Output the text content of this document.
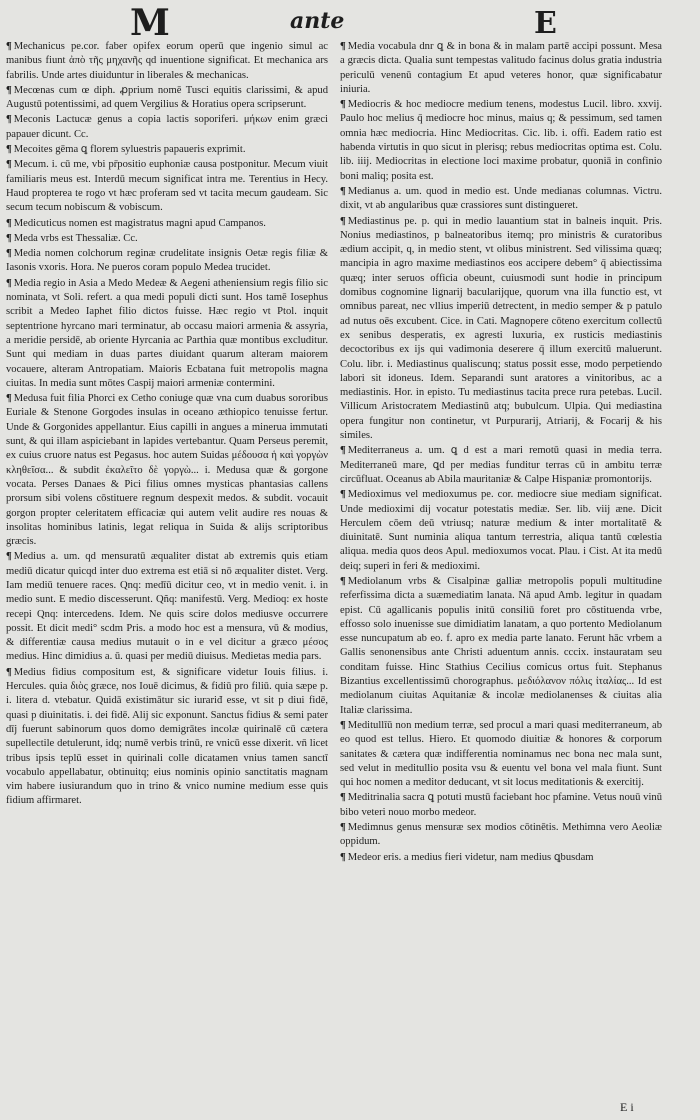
M	ante	E
¶ Mechanicus pe.cor. faber opifex eorum operū que ingenio simul ac manibus fiunt ἀπὸ τῆς μηχανῆς qd inuentione significat. Et mechanica ars fabrilis. Unde artes diuiduntur in liberales & mechanicas.
¶ Mecœnas cum œ diph. ꝓprium nomē Tusci equitis clarissimi, & apud Augustū potentissimi, ad quem Vergilius & Horatius opera scripserunt.
¶ Meconis Lactucæ genus a copia lactis soporiferi. μήκων enim græci papauer dicunt. Cc.
¶ Mecoites gēma ꝗ florem syluestris papaueris exprimit.
¶ Mecum. i. cū me, vbi pr̄positio euphoniæ causa postponitur. Mecum viuit familiaris meus est. Interdū mecum significat intra me. Terentius in Hecy. Haud propterea te rogo vt hæc proferam sed vt tacita mecum gaudeam. Sic secum tecum nobiscum & vobiscum.
¶ Medicuticus nomen est magistratus magni apud Campanos.
¶ Meda vrbs est Thessaliæ. Cc.
¶ Media nomen colchorum reginæ crudelitate insignis Oetæ regis filiæ & Iasonis vxoris. Hora. Ne pueros coram populo Medea trucidet.
¶ Media regio in Asia a Medo Medeæ & Aegeni atheniensium regis filio sic nominata, vt Soli. refert. a qua medi populi dicti sunt. Hos tamē Iosephus scribit a Medeo Iaphet filio dictos fuisse. Hæc regio vt Ptol. inquit septentrione hyrcano mari terminatur, ab occasu maiori armenia & assyria, a meridie persidē, ab oriente Hyrcania ac Parthia quæ montibus excluditur. Sunt qui mediam in duas partes diuidant quarum alteram maiorem vocauere, alteram Antropatiam. Maioris Ecbatana fuit metropolis magna ciuitas. In media sunt mōtes Caspij maiori armeniæ contermini.
¶ Medusa fuit filia Phorci ex Cetho coniuge quæ vna cum duabus sororibus Euriale & Stenone Gorgodes insulas in oceano æthiopico tenuisse fertur. Unde & Gorgonides appellantur. Eius capilli in angues a minerua immutati sunt, & qui illam aspiciebant in lapides vertebantur. Quam Perseus peremit, ex cuius cruore natus est Pegasus. hoc autem Suidas μέδουσα ἡ καὶ γοργὼν κληθεῖσα... & subdit ἐκαλεῖτο δὲ γοργὼ... i. Medusa quæ & gorgone vocata. Perses Danaes & Pici filius omnes mysticas phantasias callens prorsum sibi volens cōstituere regnum despexit medos. & subdit. vocauit gorgon propter celeritatem efficaciæ qui autem velit audire res nouas & insolitas hominibus latinis, legat reliqua in Suida & alijs scriptoribus græcis.
¶ Medius a. um. qd mensuratū æqualiter distat ab extremis quis etiam mediū dicatur quicqd inter duo extrema est etiā si nō æqualiter distet. Verg. Iam mediū tenuere races. Qnq: medīū dicitur ceo, vt in medio venit. i. in medio sunt. E medio discesserunt. Qñq: manifestū. Verg. Medioq: ex hoste recepi Qnq: intercedens. Idem. Ne quis scire dolos mediusve occurrere possit. Et dicit medi° scdm Pris. a modo hoc est a mensura, vū & modius, & differentiæ causa medius mutauit o in e vel dicitur a græco μέσος medius. Hinc dimidius a. ū. quasi per mediū diuisus. Medietas media pars.
¶ Medius fidius compositum est, & significare videtur Iouis filius. i. Hercules. quia διὸς græce, nos Iouē dicimus, & fidiū pro filiū. quia sæpe p. i. litera d. vtebatur. Quidā existimātur sic iurariđ esse, vt sit p diui fidē, quasi p diuinitatis. i. dei fidē. Alij sic exponunt. Sanctus fidius & semi pater dīj fuerunt sabinorum quos domo demigrātes incolæ quirinalē cū cætera supellectile detulerunt, idq; numē verbis trinū, re vnicū esse dixerit. vn̄ licet tribus ipsis teplū esset in quirinali colle dicatamen vnius tamen sanctī vocabulo appellabatur, obtinuitq; eius nominis opinio sanctitatis magnam vim habere iusiurandum quo in trino & vnico numine medium esse quis fidium affirmaret.
¶ Media vocabula dnr ꝗ & in bona & in malam partē accipi possunt. Mesa a græcis dicta. Qualia sunt tempestas valitudo facinus dolus gratia industria periculū venenū contagium Et apud veteres honor, quæ significabatur iniuria.
¶ Mediocris & hoc mediocre medium tenens, modestus Lucil. libro. xxvij. Paulo hoc melius q̄ mediocre hoc minus, maius q; & pessimum, sed tamen omnia hæc mediocria. Hinc Mediocritas. Cic. lib. i. offi. Eadem ratio est habenda virtutis in quo sicut in plerisq; rebus mediocritas optima est. Colu. lib. iiij. Mediocritas in electione loci maxime probatur, quoniā in confinio boni maliq; posita est.
¶ Medianus a. um. quod in medio est. Unde medianas columnas. Victru. dixit, vt ab angularibus quæ crassiores sunt distingueret.
¶ Mediastinus pe. p. qui in medio lauantium stat in balneis inquit. Pris. Nonius mediastinos, p balneatoribus itemq; pro ministris & curatoribus ædium accipit, q, in medio stent, vt olibus ministrent. Sed vilissima quæq; mancipia in agro maxime mediastinos eos accipere debem° q̄ abiectissima quæq; inter seruos officia obeunt, cuiusmodi sunt hodie in principum domibus cognomine lignarij bacularijque, quorum vna illa functio est, vt omnibus pareat, nec vllius imperiū detrectent, in medio semper & p patulo ad nutus oēs excubent. Cice. in Cati. Magnopere cōteno exercitum collectū ex senibus desperatis, ex agresti luxuria, ex rusticis mediastinis decoctoribus ex ijs qui vadimonia deserere q̄ illum exercitū maluerunt. Colu. libr. i. Mediastinus qualiscunq; status possit esse, modo perpetiendo labori sit idoneus. Idem. Separandi sunt aratores a vinitoribus, ac a mediastinis. Hor. in episto. Tu mediastinus tacita prece rura petebas. Lucil. Villicum Aristocratem Mediastinū atq; bubulcum. Ulpia. Qui mediastina opera fungitur non continetur, vt Purpurarij, Atriarij, & Focarij & his similes.
¶ Mediterraneus a. um. ꝗ d est a mari remotū quasi in media terra. Mediterraneū mare, ꝗd per medias funditur terras cū in ambitu terræ circūfluat. Oceanus ab Abila mauritaniæ & Calpe Hispaniæ promontorijs.
¶ Medioximus vel medioxumus pe. cor. mediocre siue mediam significat. Unde medioximi dij vocatur potestatis mediæ. Ser. lib. viij æne. Dicit Herculem cōem deū vtriusq; naturæ medium & inter mortalitatē & diuinitatē. Sunt numinia aliqua tantum terrestria, aliqua tantū cœlestia aliqua. media quos deos Apul. medioxumos vocat. Plau. i Cist. At ita medū deiq; superi in feri & medioximi.
¶ Mediolanum vrbs & Cisalpinæ galliæ metropolis populi multitudine referfissima dicta a suæmediatim lanata. Nā apud Amb. legitur in quadam epist. Cū agallicanis populis initū consiliū foret pro cōstituenda vrbe, effosso solo inuenisse sue dimidiatim lanatam, a quo portento Mediolanum esse nuncupatum ab eo. f. apro ex media parte lanato. Ferunt hāc vrbem a Gallis senonensibus ante Christi aduentum annis. cccix. instauratam seu conditam fuisse. Hinc Stathius Cecilius comicus ortus fuit. Stephanus Bizantius excellentissimū chorographus. μεδιόλανον πόλις ἰταλίας... Id est mediolanum ciuitas Aquitaniæ & incolæ mediolanenses & ciuitas alia Italiæ clarissima.
¶ Meditullīū non medium terræ, sed procul a mari quasi mediterraneum, ab eo quod est tellus. Hiero. Et quomodo diuitiæ & honores & corporum sanitates & cætera quæ indifferentia nominamus nec bona nec mala sunt, sed velut in meditullio posita vsu & euentu vel bona vel mala fiunt. Sunt qui hoc nomen a meditor deducant, vt sit locus meditationis & exercitij.
¶ Meditrinalia sacra ꝗ potuti mustū faciebant hoc pfamine. Vetus nouū vinū bibo veteri nouo morbo medeor.
¶ Medimnus genus mensuræ sex modios cōtinētis. Methimna vero Aeoliæ oppidum.
¶ Medeor eris. a medius fieri videtur, nam medius ꝗbusdam
E i
